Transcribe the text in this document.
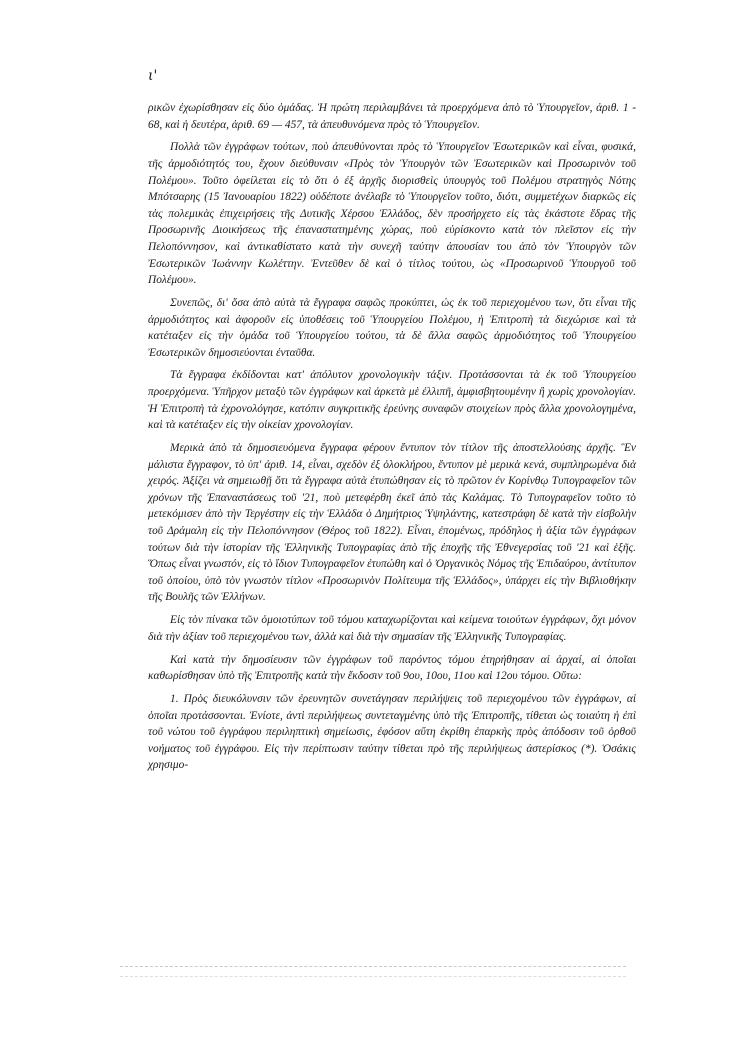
ι'

ρικῶν ἐχωρίσθησαν εἰς δύο ὁμάδας. Ἡ πρώτη περιλαμβάνει τὰ προερχόμενα ἀπὸ τὸ Ὑπουργεῖον, ἀριθ. 1 - 68, καὶ ἡ δευτέρα, ἀριθ. 69 — 457, τὰ ἀπευθυνόμενα πρὸς τὸ Ὑπουργεῖον.

Πολλὰ τῶν ἐγγράφων τούτων, ποὺ ἀπευθύνονται πρὸς τὸ Ὑπουργεῖον Ἐσωτερικῶν καὶ εἶναι, φυσικά, τῆς ἁρμοδιότητός του, ἔχουν διεύθυνσιν «Πρὸς τὸν Ὑπουργὸν τῶν Ἐσωτερικῶν καὶ Προσωρινὸν τοῦ Πολέμου». Τοῦτο ὀφείλεται εἰς τὸ ὅτι ὁ ἐξ ἀρχῆς διορισθεὶς ὑπουργὸς τοῦ Πολέμου στρατηγὸς Νότης Μπότσαρης (15 Ἰανουαρίου 1822) οὐδέποτε ἀνέλαβε τὸ Ὑπουργεῖον τοῦτο, διότι, συμμετέχων διαρκῶς εἰς τὰς πολεμικὰς ἐπιχειρήσεις τῆς Δυτικῆς Χέρσου Ἑλλάδος, δὲν προσήρχετο εἰς τὰς ἑκάστοτε ἕδρας τῆς Προσωρινῆς Διοικήσεως τῆς ἐπαναστατημένης χώρας, ποὺ εὑρίσκοντο κατὰ τὸν πλεῖστον εἰς τὴν Πελοπόννησον, καὶ ἀντικαθίστατο κατὰ τὴν συνεχῆ ταύτην ἀπουσίαν του ἀπὸ τὸν Ὑπουργὸν τῶν Ἐσωτερικῶν Ἰωάννην Κωλέττην. Ἐντεῦθεν δὲ καὶ ὁ τίτλος τούτου, ὡς «Προσωρινοῦ Ὑπουργοῦ τοῦ Πολέμου».

Συνεπῶς, δι' ὅσα ἀπὸ αὐτὰ τὰ ἔγγραφα σαφῶς προκύπτει, ὡς ἐκ τοῦ περιεχομένου των, ὅτι εἶναι τῆς ἁρμοδιότητος καὶ ἀφοροῦν εἰς ὑποθέσεις τοῦ Ὑπουργείου Πολέμου, ἡ Ἐπιτροπὴ τὰ διεχώρισε καὶ τὰ κατέταξεν εἰς τὴν ὁμάδα τοῦ Ὑπουργείου τούτου, τὰ δὲ ἄλλα σαφῶς ἁρμοδιότητος τοῦ Ὑπουργείου Ἐσωτερικῶν δημοσιεύονται ἐνταῦθα.

Τὰ ἔγγραφα ἐκδίδονται κατ' ἀπόλυτον χρονολογικὴν τάξιν. Προτάσσονται τὰ ἐκ τοῦ Ὑπουργείου προερχόμενα. Ὑπῆρχον μεταξὺ τῶν ἐγγράφων καὶ ἀρκετὰ μὲ ἐλλιπῆ, ἀμφισβητουμένην ἢ χωρὶς χρονολογίαν. Ἡ Ἐπιτροπὴ τὰ ἐχρονολόγησε, κατόπιν συγκριτικῆς ἐρεύνης συναφῶν στοιχείων πρὸς ἄλλα χρονολογημένα, καὶ τὰ κατέταξεν εἰς τὴν οἰκείαν χρονολογίαν.

Μερικὰ ἀπὸ τὰ δημοσιευόμενα ἔγγραφα φέρουν ἔντυπον τὸν τίτλον τῆς ἀποστελλούσης ἀρχῆς. Ἓν μάλιστα ἔγγραφον, τὸ ὑπ' ἀριθ. 14, εἶναι, σχεδὸν ἐξ ὁλοκλήρου, ἔντυπον μὲ μερικὰ κενά, συμπληρωμένα διὰ χειρός. Ἀξίζει νὰ σημειωθῇ ὅτι τὰ ἔγγραφα αὐτὰ ἐτυπώθησαν εἰς τὸ πρῶτον ἐν Κορίνθῳ Τυπογραφεῖον τῶν χρόνων τῆς Ἐπαναστάσεως τοῦ '21, ποὺ μετεφέρθη ἐκεῖ ἀπὸ τὰς Καλάμας. Τὸ Τυπογραφεῖον τοῦτο τὸ μετεκόμισεν ἀπὸ τὴν Τεργέστην εἰς τὴν Ἑλλάδα ὁ Δημήτριος Ὑψηλάντης, κατεστράφη δὲ κατὰ τὴν εἰσβολὴν τοῦ Δράμαλη εἰς τὴν Πελοπόννησον (Θέρος τοῦ 1822). Εἶναι, ἐπομένως, πρόδηλος ἡ ἀξία τῶν ἐγγράφων τούτων διὰ τὴν ἱστορίαν τῆς Ἑλληνικῆς Τυπογραφίας ἀπὸ τῆς ἐποχῆς τῆς Ἐθνεγερσίας τοῦ '21 καὶ ἑξῆς. Ὅπως εἶναι γνωστόν, εἰς τὸ ἴδιον Τυπογραφεῖον ἐτυπώθη καὶ ὁ Ὀργανικὸς Νόμος τῆς Ἐπιδαύρου, ἀντίτυπον τοῦ ὁποίου, ὑπὸ τὸν γνωστὸν τίτλον «Προσωρινὸν Πολίτευμα τῆς Ἑλλάδος», ὑπάρχει εἰς τὴν Βιβλιοθήκην τῆς Βουλῆς τῶν Ἑλλήνων.

Εἰς τὸν πίνακα τῶν ὁμοιοτύπων τοῦ τόμου καταχωρίζονται καὶ κείμενα τοιούτων ἐγγράφων, ὄχι μόνον διὰ τὴν ἀξίαν τοῦ περιεχομένου των, ἀλλὰ καὶ διὰ τὴν σημασίαν τῆς Ἑλληνικῆς Τυπογραφίας.

Καὶ κατὰ τὴν δημοσίευσιν τῶν ἐγγράφων τοῦ παρόντος τόμου ἐτηρήθησαν αἱ ἀρχαί, αἱ ὁποῖαι καθωρίσθησαν ὑπὸ τῆς Ἐπιτροπῆς κατὰ τὴν ἔκδοσιν τοῦ 9ου, 10ου, 11ου καὶ 12ου τόμου. Οὕτω:

1. Πρὸς διευκόλυνσιν τῶν ἐρευνητῶν συνετάγησαν περιλήψεις τοῦ περιεχομένου τῶν ἐγγράφων, αἱ ὁποῖαι προτάσσονται. Ἐνίοτε, ἀντὶ περιλήψεως συντεταγμένης ὑπὸ τῆς Ἐπιτροπῆς, τίθεται ὡς τοιαύτη ἡ ἐπὶ τοῦ νώτου τοῦ ἐγγράφου περιληπτικὴ σημείωσις, ἐφόσον αὕτη ἐκρίθη ἐπαρκὴς πρὸς ἀπόδοσιν τοῦ ὀρθοῦ νοήματος τοῦ ἐγγράφου. Εἰς τὴν περίπτωσιν ταύτην τίθεται πρὸ τῆς περιλήψεως ἀστερίσκος (*). Ὁσάκις χρησιμο-
